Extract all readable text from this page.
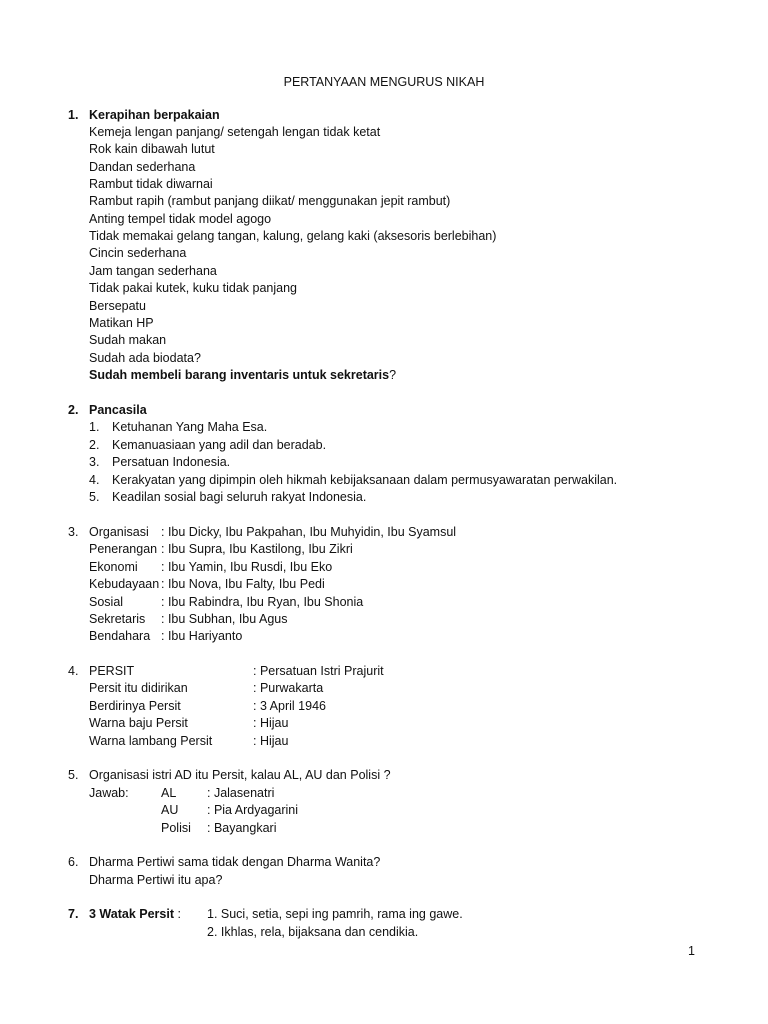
PERTANYAAN MENGURUS NIKAH
1. Kerapihan berpakaian
Kemeja lengan panjang/ setengah lengan tidak ketat
Rok kain dibawah lutut
Dandan sederhana
Rambut tidak diwarnai
Rambut rapih (rambut panjang diikat/ menggunakan jepit rambut)
Anting tempel tidak model agogo
Tidak memakai gelang tangan, kalung, gelang kaki (aksesoris berlebihan)
Cincin sederhana
Jam tangan sederhana
Tidak pakai kutek, kuku tidak panjang
Bersepatu
Matikan HP
Sudah makan
Sudah ada biodata?
Sudah membeli barang inventaris untuk sekretaris?
2. Pancasila
1. Ketuhanan Yang Maha Esa.
2. Kemanuasiaan yang adil dan beradab.
3. Persatuan Indonesia.
4. Kerakyatan yang dipimpin oleh hikmah kebijaksanaan dalam permusyawaratan perwakilan.
5. Keadilan sosial bagi seluruh rakyat Indonesia.
3. Organisasi : Ibu Dicky, Ibu Pakpahan, Ibu Muhyidin, Ibu Syamsul
Penerangan : Ibu Supra, Ibu Kastilong, Ibu Zikri
Ekonomi : Ibu Yamin, Ibu Rusdi, Ibu Eko
Kebudayaan : Ibu Nova, Ibu Falty, Ibu Pedi
Sosial	: Ibu Rabindra, Ibu Ryan, Ibu Shonia
Sekretaris : Ibu Subhan, Ibu Agus
Bendahara : Ibu Hariyanto
4. PERSIT	: Persatuan Istri Prajurit
Persit itu didirikan	: Purwakarta
Berdirinya Persit	: 3 April 1946
Warna baju Persit	: Hijau
Warna lambang Persit	: Hijau
5. Organisasi istri AD itu Persit, kalau AL, AU dan Polisi ?
Jawab:	AL : Jalasenatri
AU : Pia Ardyagarini
Polisi : Bayangkari
6. Dharma Pertiwi sama tidak dengan Dharma Wanita?
Dharma Pertiwi itu apa?
7. 3 Watak Persit : 1. Suci, setia, sepi ing pamrih, rama ing gawe.
2. Ikhlas, rela, bijaksana dan cendikia.
1
